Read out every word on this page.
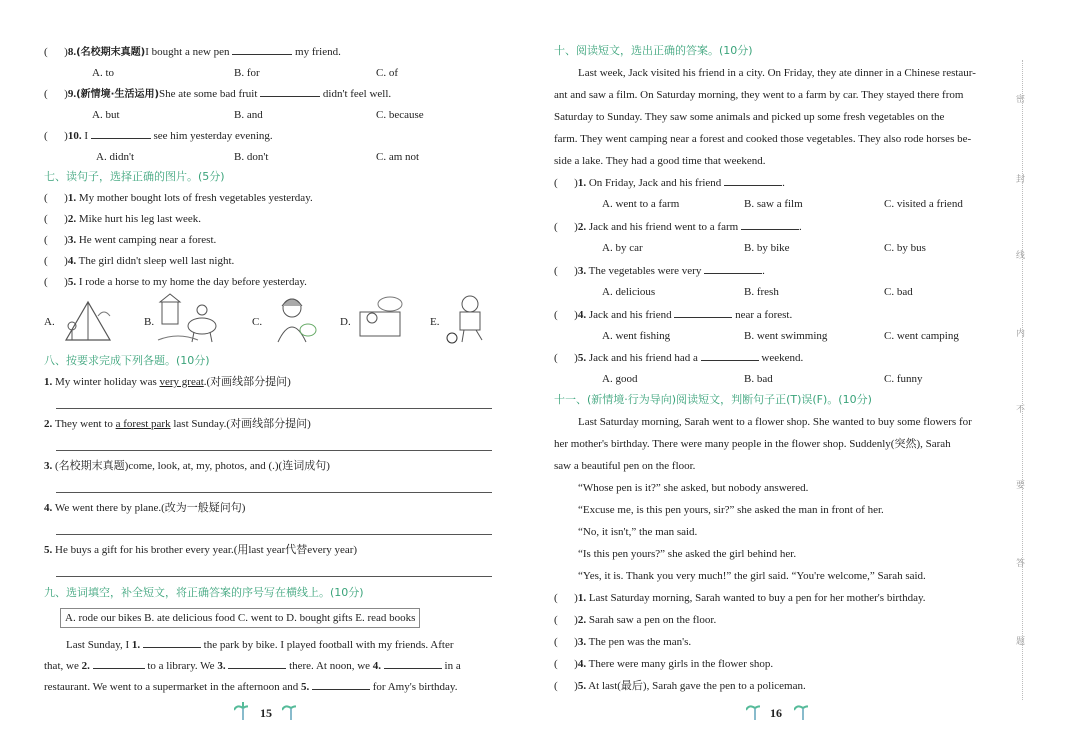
(      )8.(名校期末真题)I bought a new pen	my friend.
A. to	B. for	C. of
(      )9.(新情境·生活运用)She ate some bad fruit	didn't feel well.
A. but	B. and	C. because
(      )10. I	see him yesterday evening.
A. didn't	B. don't	C. am not
七、读句子，选择正确的图片。(5分)
(      )1. My mother bought lots of fresh vegetables yesterday.
(      )2. Mike hurt his leg last week.
(      )3. He went camping near a forest.
(      )4. The girl didn't sleep well last night.
(      )5. I rode a horse to my home the day before yesterday.
A.	B.	C.	D.	E.
八、按要求完成下列各题。(10分)
1. My winter holiday was very great.(对画线部分提问)
2. They went to a forest park last Sunday.(对画线部分提问)
3. (名校期末真题)come, look, at, my, photos, and (.)(连词成句)
4. We went there by plane.(改为一般疑问句)
5. He buys a gift for his brother every year.(用last year代替every year)
九、选词填空，补全短文，将正确答案的序号写在横线上。(10分)
A. rode our bikes B. ate delicious food C. went to D. bought gifts E. read books
Last Sunday, I 1.	the park by bike. I played football with my friends. After
that, we 2.	to a library. We 3.	there. At noon, we 4.	in a
restaurant. We went to a supermarket in the afternoon and 5.	for Amy's birthday.
15
十、阅读短文，选出正确的答案。(10分)
Last week, Jack visited his friend in a city. On Friday, they ate dinner in a Chinese restaur-
ant and saw a film. On Saturday morning, they went to a farm by car. They stayed there from
Saturday to Sunday. They saw some animals and picked up some fresh vegetables on the
farm. They went camping near a forest and cooked those vegetables. They also rode horses be-
side a lake. They had a good time that weekend.
(      )1. On Friday, Jack and his friend	.
A. went to a farm	B. saw a film	C. visited a friend
(      )2. Jack and his friend went to a farm	.
A. by car	B. by bike	C. by bus
(      )3. The vegetables were very	.
A. delicious	B. fresh	C. bad
(      )4. Jack and his friend	near a forest.
A. went fishing	B. went swimming	C. went camping
(      )5. Jack and his friend had a	weekend.
A. good	B. bad	C. funny
十一、(新情境·行为导向)阅读短文，判断句子正(T)误(F)。(10分)
Last Saturday morning, Sarah went to a flower shop. She wanted to buy some flowers for
her mother's birthday. There were many people in the flower shop. Suddenly(突然), Sarah
saw a beautiful pen on the floor.
“Whose pen is it?” she asked, but nobody answered.
“Excuse me, is this pen yours, sir?” she asked the man in front of her.
“No, it isn't,” the man said.
“Is this pen yours?” she asked the girl behind her.
“Yes, it is. Thank you very much!” the girl said. “You're welcome,” Sarah said.
(      )1. Last Saturday morning, Sarah wanted to buy a pen for her mother's birthday.
(      )2. Sarah saw a pen on the floor.
(      )3. The pen was the man's.
(      )4. There were many girls in the flower shop.
(      )5. At last(最后), Sarah gave the pen to a policeman.
16
密
封
线
内
不
要
答
题
